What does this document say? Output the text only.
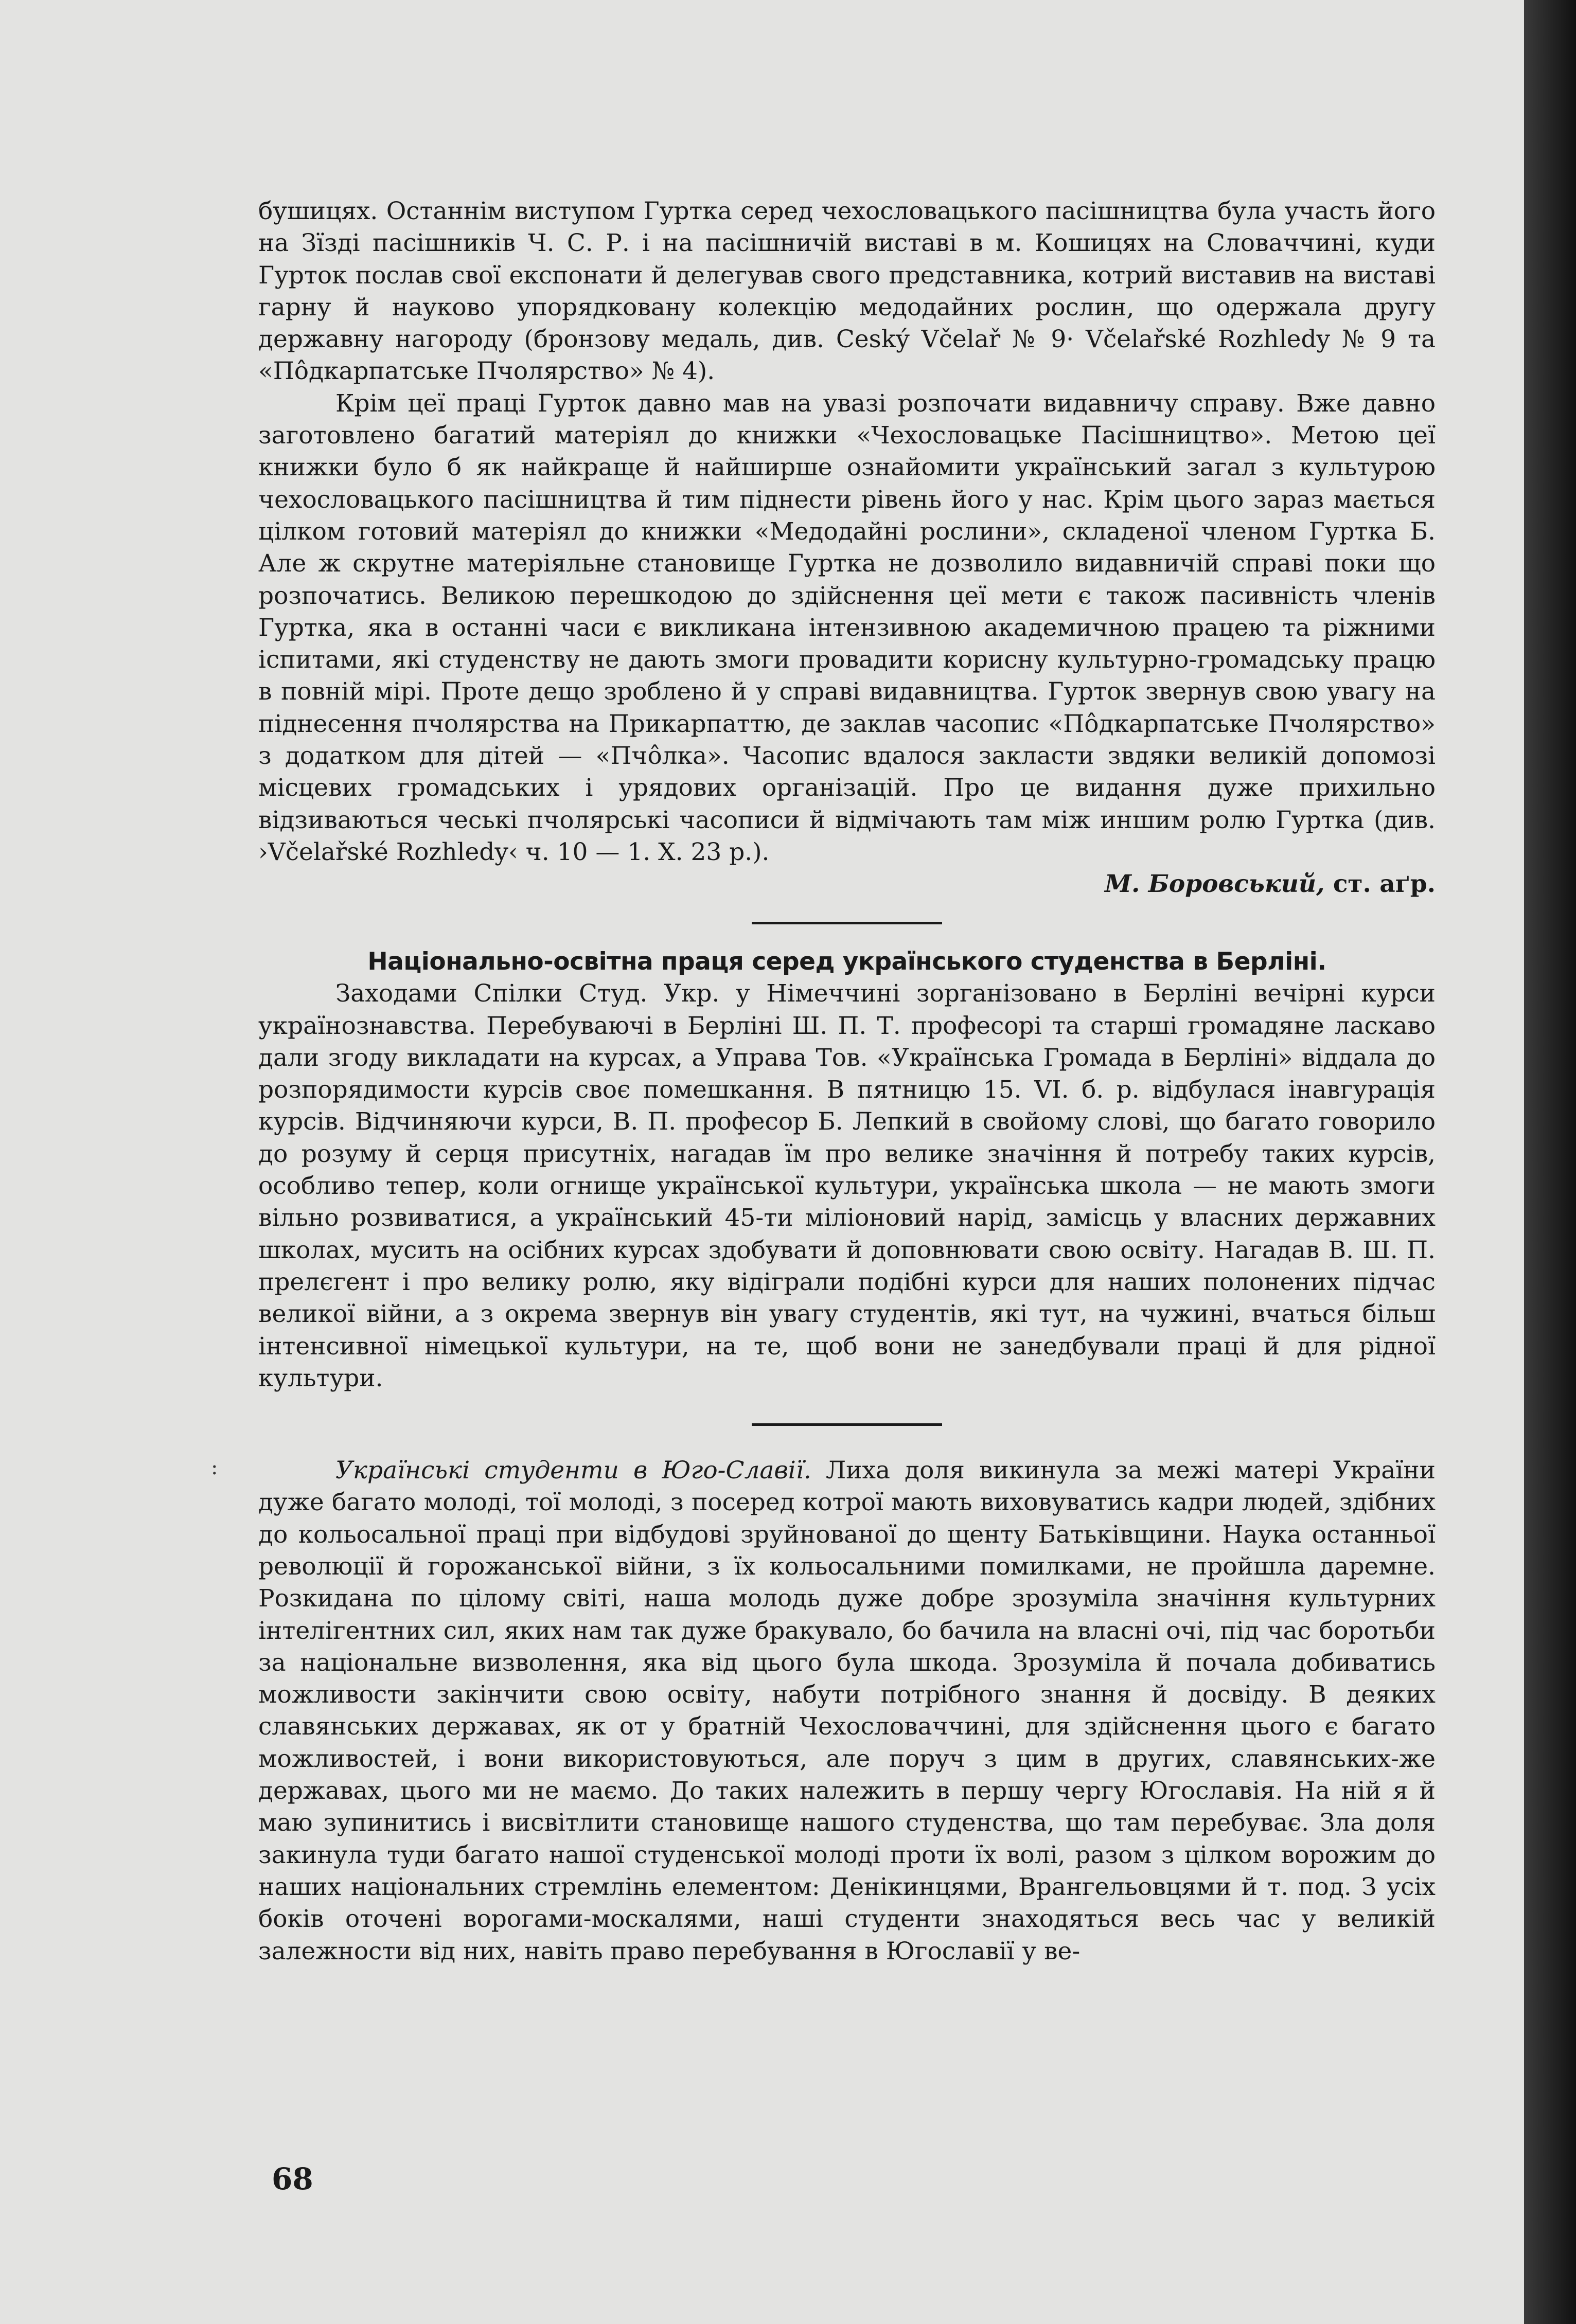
бушицях. Останнім виступом Гуртка серед чехословацького пасішництва була участь його на Зїзді пасішників Ч. С. Р. і на пасішничій виставі в м. Кошицях на Словаччині, куди Гурток послав свої експонати й делегував свого представника, котрий виставив на виставі гарну й науково упорядковану колекцію медодайних рослин, що одержала другу державну нагороду (бронзову медаль, див. Ceský Včelař № 9· Včelařské Rozhledy № 9 та «Пôдкарпатське Пчолярство» № 4).

Крім цеї праці Гурток давно мав на увазі розпочати видавничу справу. Вже давно заготовлено багатий матеріял до книжки «Чехословацьке Пасішництво». Метою цеї книжки було б як найкраще й найширше ознайомити український загал з культурою чехословацького пасішництва й тим піднести рівень його у нас. Крім цього зараз мається цілком готовий матеріял до книжки «Медодайні рослини», складеної членом Гуртка Б. Але ж скрутне матеріяльне становище Гуртка не дозволило видавничій справі поки що розпочатись. Великою перешкодою до здійснення цеї мети є також пасивність членів Гуртка, яка в останні часи є викликана інтензивною академичною працею та ріжними іспитами, які студенству не дають змоги провадити корисну культурно-громадську працю в повній мірі. Проте дещо зроблено й у справі видавництва. Гурток звернув свою увагу на піднесення пчолярства на Прикарпаттю, де заклав часопис «Пôдкарпатське Пчолярство» з додатком для дітей — «Пчôлка». Часопис вдалося закласти звдяки великій допомозі місцевих громадських і урядових організацій. Про це видання дуже прихильно відзиваються чеські пчолярські часописи й відмічають там між иншим ролю Гуртка (див. ›Včelařské Rozhledy‹ ч. 10 — 1. X. 23 р.).

М. Боровський, ст. аґр.

Національно-освітна праця серед українського студенства в Берліні.

Заходами Спілки Студ. Укр. у Німеччині зорганізовано в Берліні вечірні курси українознавства. Перебуваючі в Берліні Ш. П. Т. професорі та старші громадяне ласкаво дали згоду викладати на курсах, а Управа Тов. «Українська Громада в Берліні» віддала до розпорядимости курсів своє помешкання. В пятницю 15. VI. б. р. відбулася інавгурація курсів. Відчиняючи курси, В. П. професор Б. Лепкий в свойому слові, що багато говорило до розуму й серця присутніх, нагадав їм про велике значіння й потребу таких курсів, особливо тепер, коли огнище української культури, українська школа — не мають змоги вільно розвиватися, а український 45-ти міліоновий нарід, замісць у власних державних школах, мусить на осібних курсах здобувати й доповнювати свою освіту. Нагадав В. Ш. П. прелєгент і про велику ролю, яку відіграли подібні курси для наших полонених підчас великої війни, а з окрема звернув він увагу студентів, які тут, на чужині, вчаться більш інтенсивної німецької культури, на те, щоб вони не занедбували праці й для рідної культури.

Українські студенти в Юго-Славії. Лиха доля викинула за межі матері України дуже багато молоді, тої молоді, з посеред котрої мають виховуватись кадри людей, здібних до кольосальної праці при відбудові зруйнованої до щенту Батьківщини. Наука останньої революції й горожанської війни, з їх кольосальними помилками, не пройшла даремне. Розкидана по цілому світі, наша молодь дуже добре зрозуміла значіння культурних інтелігентних сил, яких нам так дуже бракувало, бо бачила на власні очі, під час боротьби за національне визволення, яка від цього була шкода. Зрозуміла й почала добиватись можливости закінчити свою освіту, набути потрібного знання й досвіду. В деяких славянських державах, як от у братній Чехословаччині, для здійснення цього є багато можливостей, і вони використовуються, але поруч з цим в других, славянських-же державах, цього ми не маємо. До таких належить в першу чергу Югославія. На ній я й маю зупинитись і висвітлити становище нашого студенства, що там перебуває. Зла доля закинула туди багато нашої студенської молоді проти їх волі, разом з цілком ворожим до наших національних стремлінь елементом: Денікинцями, Врангельовцями й т. под. З усіх боків оточені ворогами-москалями, наші студенти знаходяться весь час у великій залежности від них, навіть право перебування в Югославії у ве-

:
68
